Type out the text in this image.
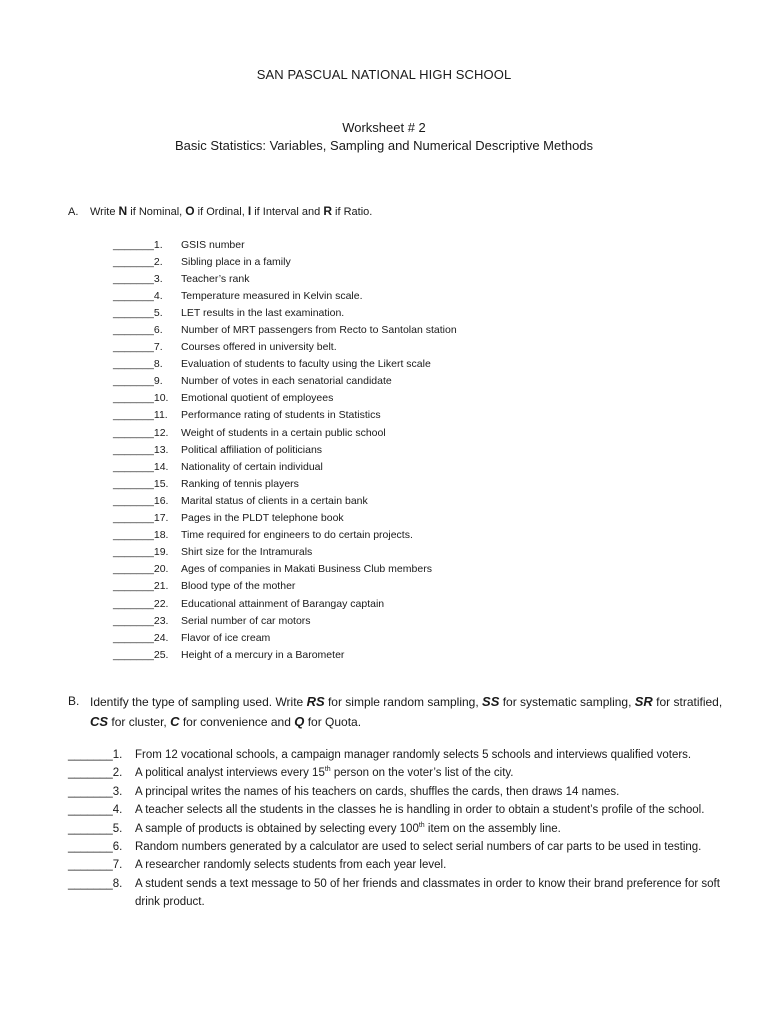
SAN PASCUAL NATIONAL HIGH SCHOOL
Worksheet # 2
Basic Statistics: Variables, Sampling and Numerical Descriptive Methods
A. Write N if Nominal, O if Ordinal, I if Interval and R if Ratio.
_______1.	GSIS number
_______2.	Sibling place in a family
_______3.	Teacher’s rank
_______4.	Temperature measured in Kelvin scale.
_______5.	LET results in the last examination.
_______6.	Number of MRT passengers from Recto to Santolan station
_______7.	Courses offered in university belt.
_______8.	Evaluation of students to faculty using the Likert scale
_______9.	Number of votes in each senatorial candidate
_______10.	Emotional quotient of employees
_______11.	Performance rating of students in Statistics
_______12.	Weight of students in a certain public school
_______13.	Political affiliation of politicians
_______14.	Nationality of certain individual
_______15.	Ranking of tennis players
_______16.	Marital status of clients in a certain bank
_______17.	Pages in the PLDT telephone book
_______18.	Time required for engineers to do certain projects.
_______19.	Shirt size for the Intramurals
_______20.	Ages of companies in Makati Business Club members
_______21.	Blood type of the mother
_______22.	Educational attainment of Barangay captain
_______23.	Serial number of car motors
_______24.	Flavor of ice cream
_______25.	Height of a mercury in a Barometer
B. Identify the type of sampling used. Write RS for simple random sampling, SS for systematic sampling, SR for stratified, CS for cluster, C for convenience and Q for Quota.
_______1.	From 12 vocational schools, a campaign manager randomly selects 5 schools and interviews qualified voters.
_______2.	A political analyst interviews every 15th person on the voter’s list of the city.
_______3.	A principal writes the names of his teachers on cards, shuffles the cards, then draws 14 names.
_______4.	A teacher selects all the students in the classes he is handling in order to obtain a student’s profile of the school.
_______5.	A sample of products is obtained by selecting every 100th item on the assembly line.
_______6.	Random numbers generated by a calculator are used to select serial numbers of car parts to be used in testing.
_______7.	A researcher randomly selects students from each year level.
_______8.	A student sends a text message to 50 of her friends and classmates in order to know their brand preference for soft drink product.
